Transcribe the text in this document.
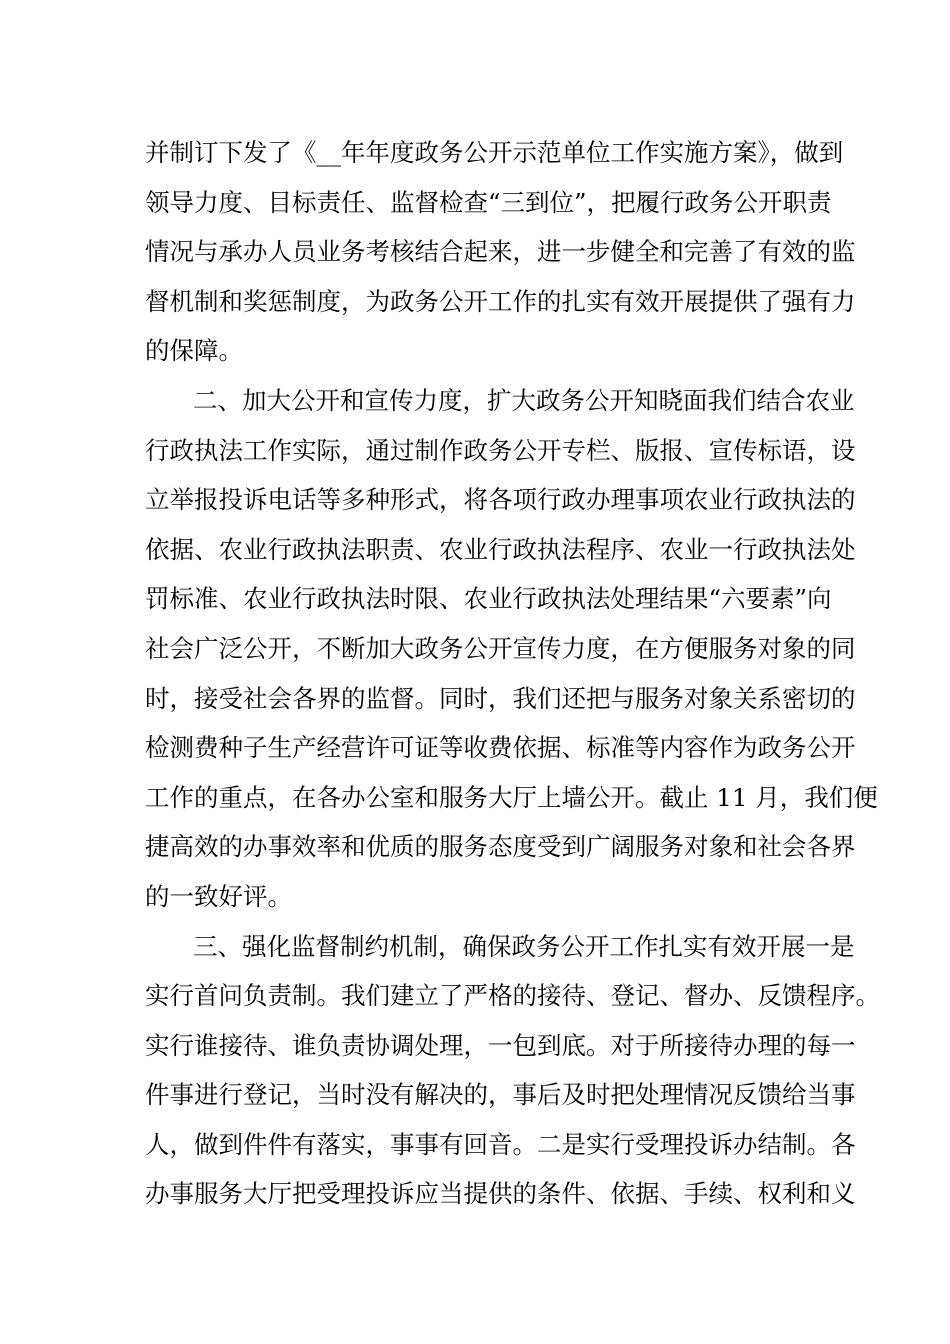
并制订下发了《__年年度政务公开示范单位工作实施方案》，做到
领导力度、目标责任、监督检查“三到位”，把履行政务公开职责
情况与承办人员业务考核结合起来，进一步健全和完善了有效的监
督机制和奖惩制度，为政务公开工作的扎实有效开展提供了强有力
的保障。
二、加大公开和宣传力度，扩大政务公开知晓面我们结合农业
行政执法工作实际，通过制作政务公开专栏、版报、宣传标语，设
立举报投诉电话等多种形式，将各项行政办理事项农业行政执法的
依据、农业行政执法职责、农业行政执法程序、农业一行政执法处
罚标准、农业行政执法时限、农业行政执法处理结果“六要素”向
社会广泛公开，不断加大政务公开宣传力度，在方便服务对象的同
时，接受社会各界的监督。同时，我们还把与服务对象关系密切的
检测费种子生产经营许可证等收费依据、标准等内容作为政务公开
工作的重点，在各办公室和服务大厅上墙公开。截止 11 月，我们便
捷高效的办事效率和优质的服务态度受到广阔服务对象和社会各界
的一致好评。
三、强化监督制约机制，确保政务公开工作扎实有效开展一是
实行首问负责制。我们建立了严格的接待、登记、督办、反馈程序。
实行谁接待、谁负责协调处理，一包到底。对于所接待办理的每一
件事进行登记，当时没有解决的，事后及时把处理情况反馈给当事
人，做到件件有落实，事事有回音。二是实行受理投诉办结制。各
办事服务大厅把受理投诉应当提供的条件、依据、手续、权利和义
